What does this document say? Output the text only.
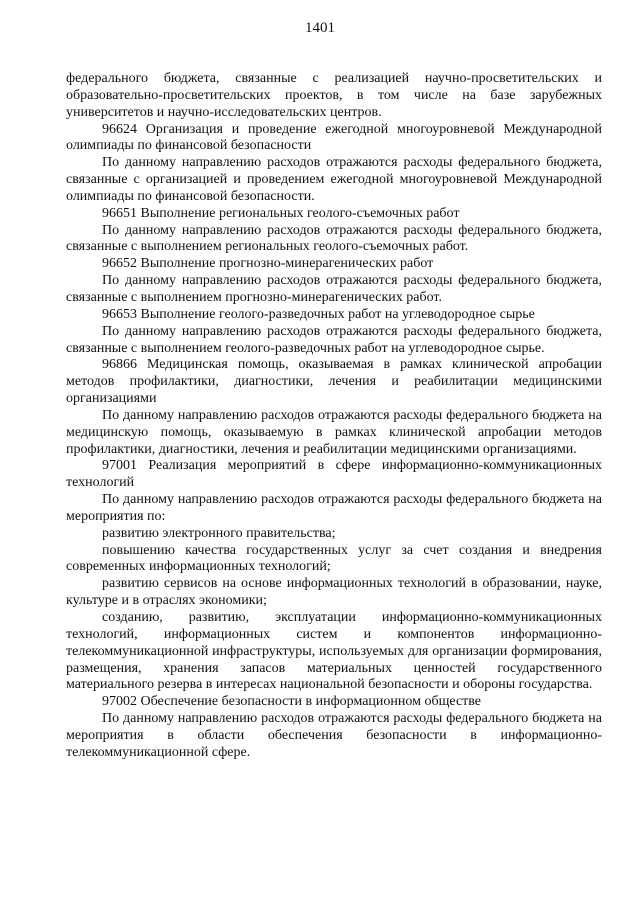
1401

федерального бюджета, связанные с реализацией научно-просветительских и образовательно-просветительских проектов, в том числе на базе зарубежных университетов и научно-исследовательских центров.

96624 Организация и проведение ежегодной многоуровневой Международной олимпиады по финансовой безопасности

По данному направлению расходов отражаются расходы федерального бюджета, связанные с организацией и проведением ежегодной многоуровневой Международной олимпиады по финансовой безопасности.

96651 Выполнение региональных геолого-съемочных работ

По данному направлению расходов отражаются расходы федерального бюджета, связанные с выполнением региональных геолого-съемочных работ.

96652 Выполнение прогнозно-минерагенических работ

По данному направлению расходов отражаются расходы федерального бюджета, связанные с выполнением прогнозно-минерагенических работ.

96653 Выполнение геолого-разведочных работ на углеводородное сырье

По данному направлению расходов отражаются расходы федерального бюджета, связанные с выполнением геолого-разведочных работ на углеводородное сырье.

96866 Медицинская помощь, оказываемая в рамках клинической апробации методов профилактики, диагностики, лечения и реабилитации медицинскими организациями

По данному направлению расходов отражаются расходы федерального бюджета на медицинскую помощь, оказываемую в рамках клинической апробации методов профилактики, диагностики, лечения и реабилитации медицинскими организациями.

97001 Реализация мероприятий в сфере информационно-коммуникационных технологий

По данному направлению расходов отражаются расходы федерального бюджета на мероприятия по:

развитию электронного правительства;

повышению качества государственных услуг за счет создания и внедрения современных информационных технологий;

развитию сервисов на основе информационных технологий в образовании, науке, культуре и в отраслях экономики;

созданию, развитию, эксплуатации информационно-коммуникационных технологий, информационных систем и компонентов информационно-телекоммуникационной инфраструктуры, используемых для организации формирования, размещения, хранения запасов материальных ценностей государственного материального резерва в интересах национальной безопасности и обороны государства.

97002 Обеспечение безопасности в информационном обществе

По данному направлению расходов отражаются расходы федерального бюджета на мероприятия в области обеспечения безопасности в информационно-телекоммуникационной сфере.
